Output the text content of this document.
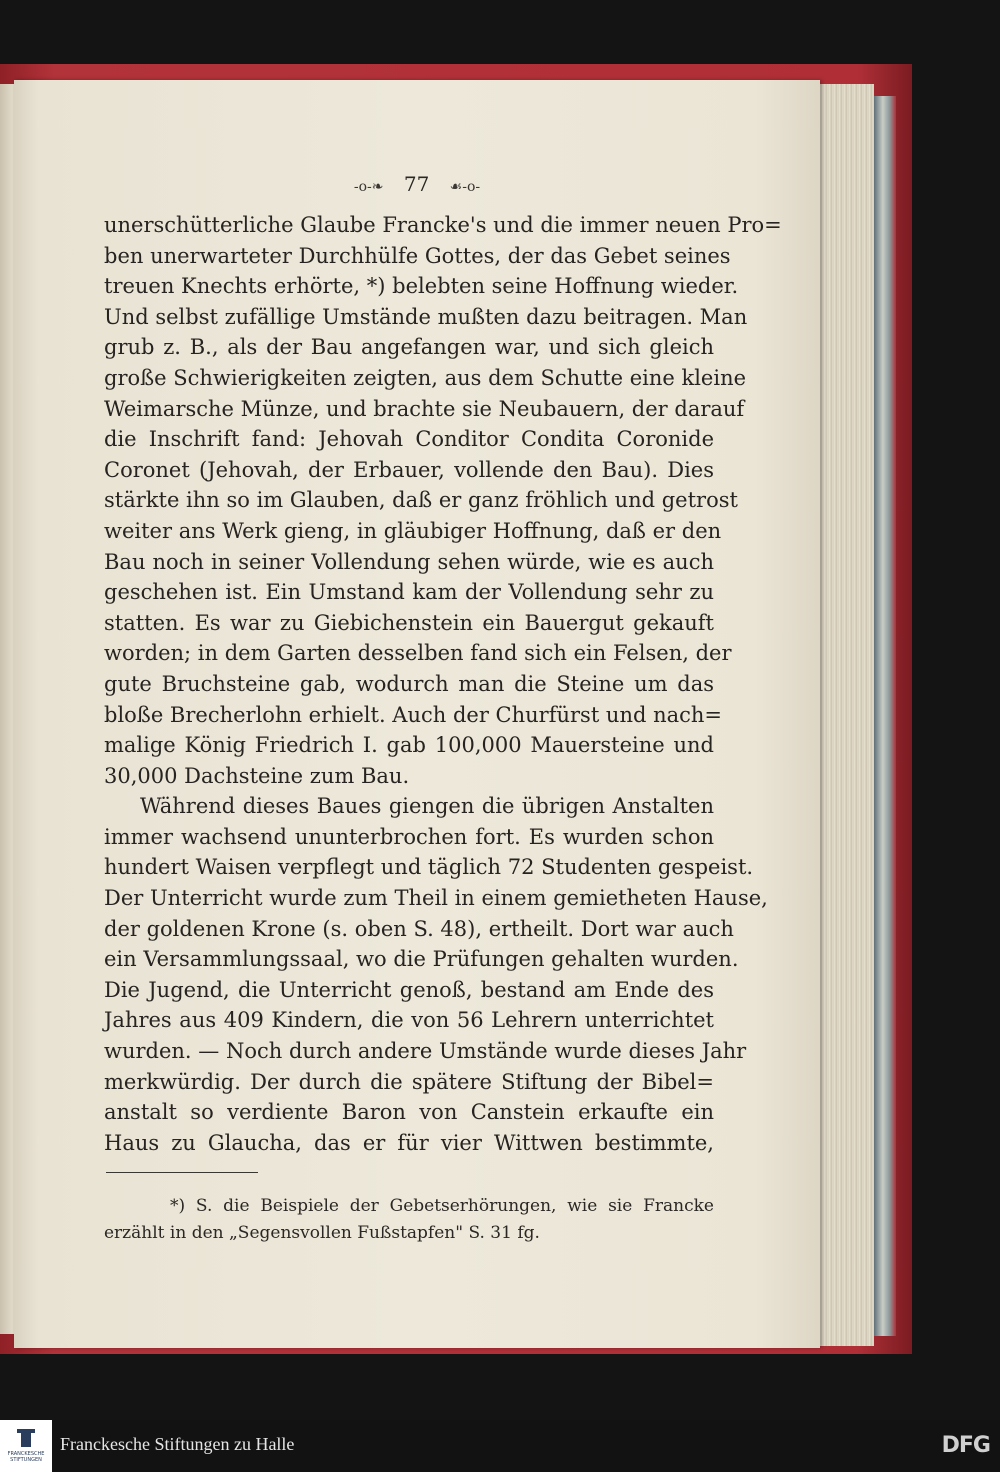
-o-❧ 77 ☙-o-
unerschütterliche Glaube Francke's und die immer neuen Pro=
ben unerwarteter Durchhülfe Gottes, der das Gebet seines
treuen Knechts erhörte, *) belebten seine Hoffnung wieder.
Und selbst zufällige Umstände mußten dazu beitragen. Man
grub z. B., als der Bau angefangen war, und sich gleich
große Schwierigkeiten zeigten, aus dem Schutte eine kleine
Weimarsche Münze, und brachte sie Neubauern, der darauf
die Inschrift fand: Jehovah Conditor Condita Coronide
Coronet (Jehovah, der Erbauer, vollende den Bau). Dies
stärkte ihn so im Glauben, daß er ganz fröhlich und getrost
weiter ans Werk gieng, in gläubiger Hoffnung, daß er den
Bau noch in seiner Vollendung sehen würde, wie es auch
geschehen ist. Ein Umstand kam der Vollendung sehr zu
statten. Es war zu Giebichenstein ein Bauergut gekauft
worden; in dem Garten desselben fand sich ein Felsen, der
gute Bruchsteine gab, wodurch man die Steine um das
bloße Brecherlohn erhielt. Auch der Churfürst und nach=
malige König Friedrich I. gab 100,000 Mauersteine und
30,000 Dachsteine zum Bau.
Während dieses Baues giengen die übrigen Anstalten
immer wachsend ununterbrochen fort. Es wurden schon
hundert Waisen verpflegt und täglich 72 Studenten gespeist.
Der Unterricht wurde zum Theil in einem gemietheten Hause,
der goldenen Krone (s. oben S. 48), ertheilt. Dort war auch
ein Versammlungssaal, wo die Prüfungen gehalten wurden.
Die Jugend, die Unterricht genoß, bestand am Ende des
Jahres aus 409 Kindern, die von 56 Lehrern unterrichtet
wurden. — Noch durch andere Umstände wurde dieses Jahr
merkwürdig. Der durch die spätere Stiftung der Bibel=
anstalt so verdiente Baron von Canstein erkaufte ein
Haus zu Glaucha, das er für vier Wittwen bestimmte,
*) S. die Beispiele der Gebetserhörungen, wie sie Francke
erzählt in den „Segensvollen Fußstapfen" S. 31 fg.
FRANCKESCHE
STIFTUNGEN
Franckesche Stiftungen zu Halle	DFG
